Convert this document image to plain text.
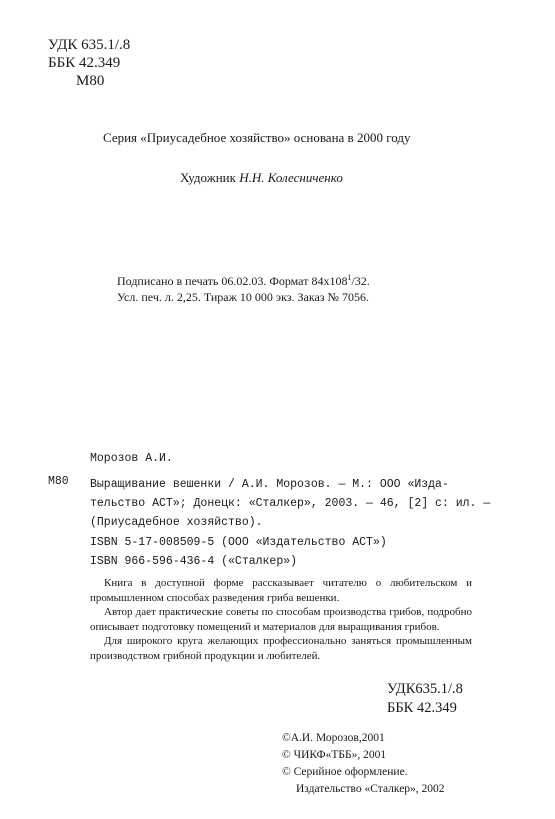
УДК 635.1/.8
ББК 42.349
М80
Серия «Приусадебное хозяйство» основана в 2000 году
Художник Н.Н. Колесниченко
Подписано в печать 06.02.03. Формат $84х108^1/32$.
Усл. печ. л. 2,25. Тираж 10 000 экз. Заказ № 7056.
Морозов А.И.
М80 Выращивание вешенки / А.И. Морозов. — М.: ООО «Изда-
тельство АСТ»; Донецк: «Сталкер», 2003. — 46, [2] с: ил. —
(Приусадебное хозяйство).
ISBN 5-17-008509-5 (ООО «Издательство АСТ»)
ISBN 966-596-436-4 («Сталкер»)

Книга в доступной форме рассказывает читателю о любительском и промышленном способах разведения гриба вешенки.

Автор дает практические советы по способам производства грибов, подробно описывает подготовку помещений и материалов для выращивания грибов.

Для широкого круга желающих профессионально заняться промышленным производством грибной продукции и любителей.

УДК635.1/.8
ББК 42.349
©А.И. Морозов,2001
© ЧИКФ«ТББ», 2001
© Серийное оформление.
Издательство «Сталкер», 2002
